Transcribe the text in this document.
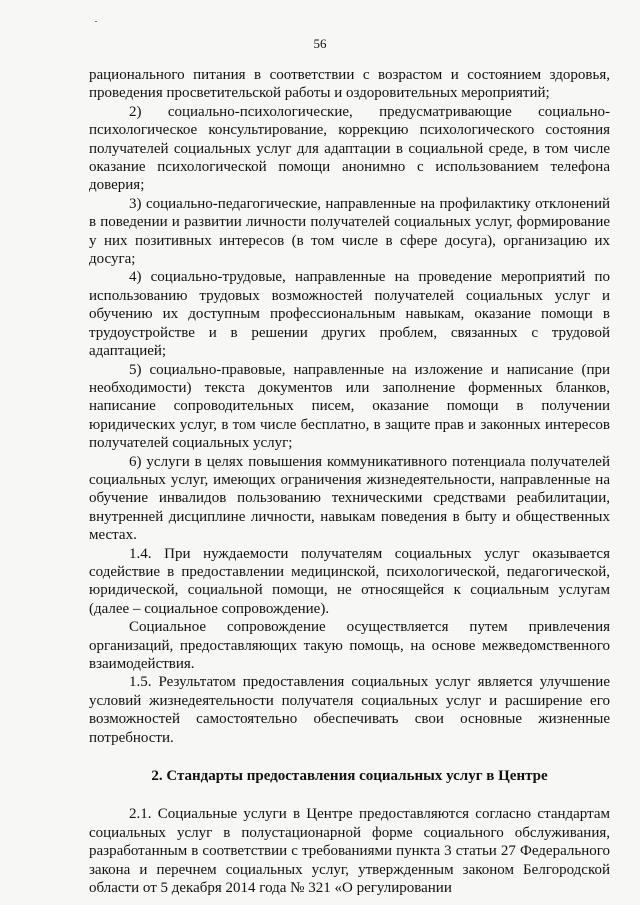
56

рационального питания в соответствии с возрастом и состоянием здоровья, проведения просветительской работы и оздоровительных мероприятий;

2) социально-психологические, предусматривающие социально-психологическое консультирование, коррекцию психологического состояния получателей социальных услуг для адаптации в социальной среде, в том числе оказание психологической помощи анонимно с использованием телефона доверия;

3) социально-педагогические, направленные на профилактику отклонений в поведении и развитии личности получателей социальных услуг, формирование у них позитивных интересов (в том числе в сфере досуга), организацию их досуга;

4) социально-трудовые, направленные на проведение мероприятий по использованию трудовых возможностей получателей социальных услуг и обучению их доступным профессиональным навыкам, оказание помощи в трудоустройстве и в решении других проблем, связанных с трудовой адаптацией;

5) социально-правовые, направленные на изложение и написание (при необходимости) текста документов или заполнение форменных бланков, написание сопроводительных писем, оказание помощи в получении юридических услуг, в том числе бесплатно, в защите прав и законных интересов получателей социальных услуг;

6) услуги в целях повышения коммуникативного потенциала получателей социальных услуг, имеющих ограничения жизнедеятельности, направленные на обучение инвалидов пользованию техническими средствами реабилитации, внутренней дисциплине личности, навыкам поведения в быту и общественных местах.

1.4. При нуждаемости получателям социальных услуг оказывается содействие в предоставлении медицинской, психологической, педагогической, юридической, социальной помощи, не относящейся к социальным услугам (далее – социальное сопровождение).

Социальное сопровождение осуществляется путем привлечения организаций, предоставляющих такую помощь, на основе межведомственного взаимодействия.

1.5. Результатом предоставления социальных услуг является улучшение условий жизнедеятельности получателя социальных услуг и расширение его возможностей самостоятельно обеспечивать свои основные жизненные потребности.

2. Стандарты предоставления социальных услуг в Центре

2.1. Социальные услуги в Центре предоставляются согласно стандартам социальных услуг в полустационарной форме социального обслуживания, разработанным в соответствии с требованиями пункта 3 статьи 27 Федерального закона и перечнем социальных услуг, утвержденным законом Белгородской области от 5 декабря 2014 года № 321 «О регулировании
